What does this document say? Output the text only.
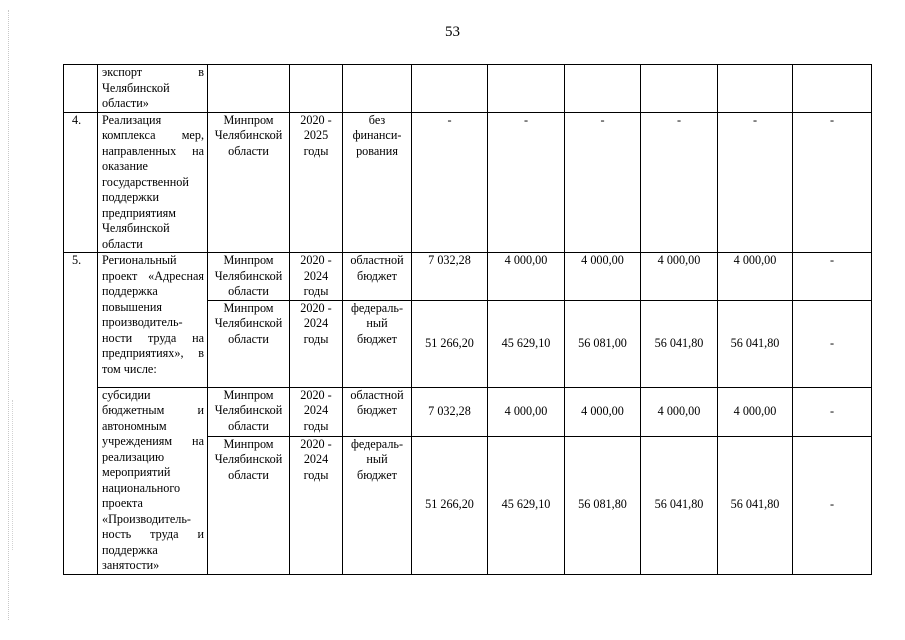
53
	экспорт в Челябинской области»									
4.	Реализация комплекса мер, направленных на оказание государственной поддержки предприятиям Челябинской области	Минпром Челябинской области	2020 - 2025 годы	без финанси-рования	-	-	-	-	-	-
5.	Региональный проект «Адресная поддержка повышения производитель-ности труда на предприятиях», в том числе:	Минпром Челябинской области	2020 - 2024 годы	областной бюджет	7 032,28	4 000,00	4 000,00	4 000,00	4 000,00	-
		Минпром Челябинской области	2020 - 2024 годы	федераль-ный бюджет	51 266,20	45 629,10	56 081,00	56 041,80	56 041,80	-
	субсидии бюджетным и автономным учреждениям на реализацию мероприятий национального проекта «Производитель-ность труда и поддержка занятости»	Минпром Челябинской области	2020 - 2024 годы	областной бюджет	7 032,28	4 000,00	4 000,00	4 000,00	4 000,00	-
		Минпром Челябинской области	2020 - 2024 годы	федераль-ный бюджет	51 266,20	45 629,10	56 081,80	56 041,80	56 041,80	-
